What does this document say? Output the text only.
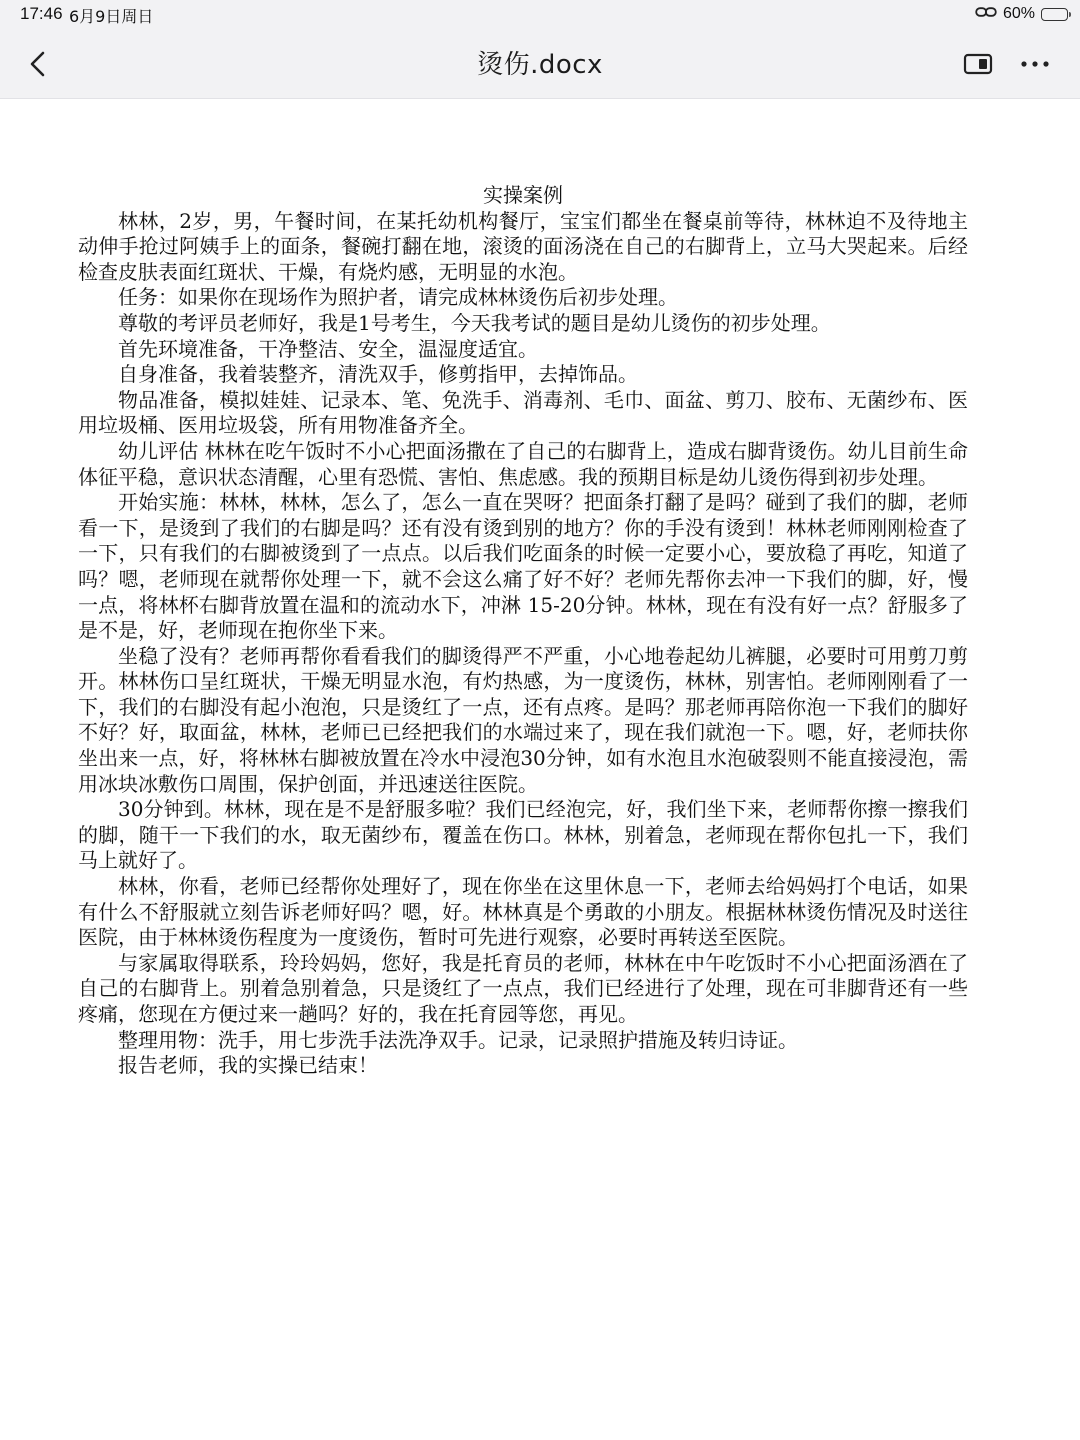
17:46 6月9日周日	60%
烫伤.docx

实操案例

林林，2岁，男，午餐时间，在某托幼机构餐厅，宝宝们都坐在餐桌前等待，林林迫不及待地主动伸手抢过阿姨手上的面条，餐碗打翻在地，滚烫的面汤浇在自己的右脚背上，立马大哭起来。后经检查皮肤表面红斑状、干燥，有烧灼感，无明显的水泡。

任务：如果你在现场作为照护者，请完成林林烫伤后初步处理。

尊敬的考评员老师好，我是1号考生，今天我考试的题目是幼儿烫伤的初步处理。

首先环境准备，干净整洁、安全，温湿度适宜。

自身准备，我着装整齐，清洗双手，修剪指甲，去掉饰品。

物品准备，模拟娃娃、记录本、笔、免洗手、消毒剂、毛巾、面盆、剪刀、胶布、无菌纱布、医用垃圾桶、医用垃圾袋，所有用物准备齐全。

幼儿评估 林林在吃午饭时不小心把面汤撒在了自己的右脚背上，造成右脚背烫伤。幼儿目前生命体征平稳，意识状态清醒，心里有恐慌、害怕、焦虑感。我的预期目标是幼儿烫伤得到初步处理。

开始实施：林林，林林，怎么了，怎么一直在哭呀？把面条打翻了是吗？碰到了我们的脚，老师看一下，是烫到了我们的右脚是吗？还有没有烫到别的地方？你的手没有烫到！林林老师刚刚检查了一下，只有我们的右脚被烫到了一点点。以后我们吃面条的时候一定要小心，要放稳了再吃，知道了吗？嗯，老师现在就帮你处理一下，就不会这么痛了好不好？老师先帮你去冲一下我们的脚，好，慢一点，将林杯右脚背放置在温和的流动水下，冲淋 15-20分钟。林林，现在有没有好一点？舒服多了是不是，好，老师现在抱你坐下来。

坐稳了没有？老师再帮你看看我们的脚烫得严不严重，小心地卷起幼儿裤腿，必要时可用剪刀剪开。林林伤口呈红斑状，干燥无明显水泡，有灼热感，为一度烫伤，林林，别害怕。老师刚刚看了一下，我们的右脚没有起小泡泡，只是烫红了一点，还有点疼。是吗？那老师再陪你泡一下我们的脚好不好？好，取面盆，林林，老师已已经把我们的水端过来了，现在我们就泡一下。嗯，好，老师扶你坐出来一点，好，将林林右脚被放置在冷水中浸泡30分钟，如有水泡且水泡破裂则不能直接浸泡，需用冰块冰敷伤口周围，保护创面，并迅速送往医院。

30分钟到。林林，现在是不是舒服多啦？我们已经泡完，好，我们坐下来，老师帮你擦一擦我们的脚，随干一下我们的水，取无菌纱布，覆盖在伤口。林林，别着急，老师现在帮你包扎一下，我们马上就好了。

林林，你看，老师已经帮你处理好了，现在你坐在这里休息一下，老师去给妈妈打个电话，如果有什么不舒服就立刻告诉老师好吗？嗯，好。林林真是个勇敢的小朋友。根据林林烫伤情况及时送往医院，由于林林烫伤程度为一度烫伤，暂时可先进行观察，必要时再转送至医院。

与家属取得联系，玲玲妈妈，您好，我是托育员的老师，林林在中午吃饭时不小心把面汤酒在了自己的右脚背上。别着急别着急，只是烫红了一点点，我们已经进行了处理，现在可非脚背还有一些疼痛，您现在方便过来一趟吗？好的，我在托育园等您，再见。

整理用物：洗手，用七步洗手法洗净双手。记录，记录照护措施及转归诗证。

报告老师，我的实操已结束！
